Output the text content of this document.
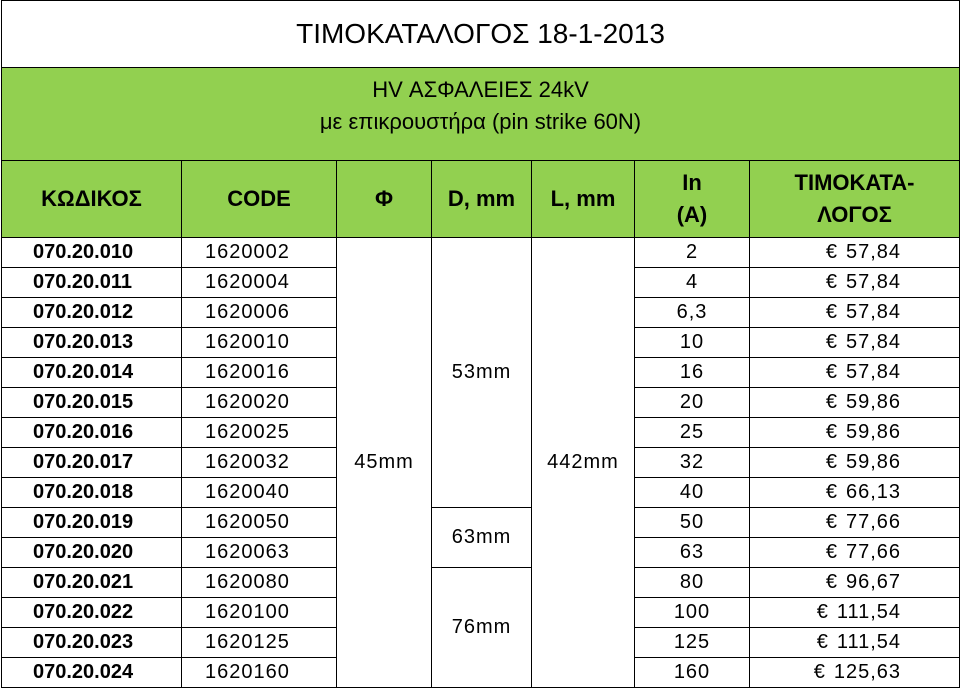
ΤΙΜΟΚΑΤΑΛΟΓΟΣ 18-1-2013						

HV ΑΣΦΑΛΕΙΕΣ 24kV
με επικρουστήρα (pin strike 60N)						

ΚΩΔΙΚΟΣ	CODE	Φ	D, mm	L, mm	In
(A)	ΤΙΜΟΚΑΤΑ-
ΛΟΓΟΣ

070.20.010	1620002	45mm	53mm	442mm	2	€ 57,84
070.20.011	1620004				4	€ 57,84
070.20.012	1620006				6,3	€ 57,84
070.20.013	1620010				10	€ 57,84
070.20.014	1620016				16	€ 57,84
070.20.015	1620020				20	€ 59,86
070.20.016	1620025				25	€ 59,86
070.20.017	1620032				32	€ 59,86
070.20.018	1620040				40	€ 66,13
070.20.019	1620050		63mm		50	€ 77,66
070.20.020	1620063				63	€ 77,66
070.20.021	1620080		76mm		80	€ 96,67
070.20.022	1620100				100	€ 111,54
070.20.023	1620125				125	€ 111,54
070.20.024	1620160				160	€ 125,63
